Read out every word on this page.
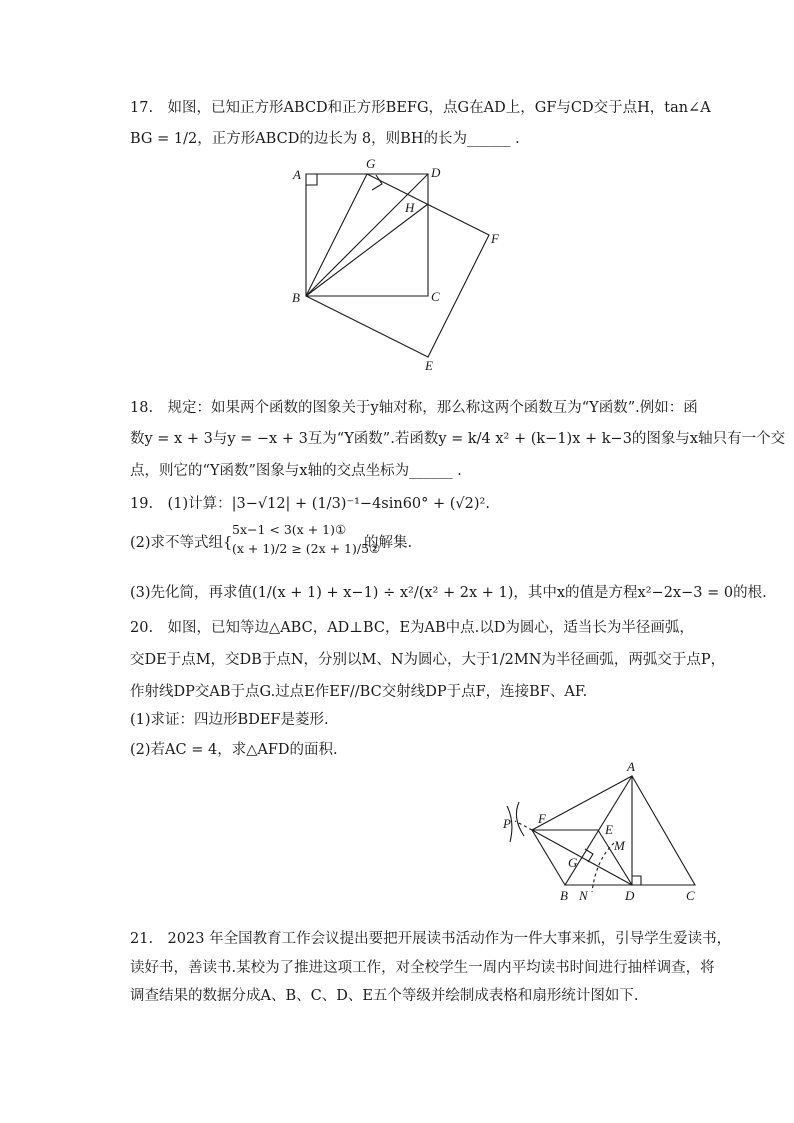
17.　如图，已知正方形ABCD和正方形BEFG，点G在AD上，GF与CD交于点H，tan∠A
BG = 1/2，正方形ABCD的边长为 8，则BH的长为______ .
A
B	C
D
E
F
G
H
18.　规定：如果两个函数的图象关于y轴对称，那么称这两个函数互为“Y函数”.例如：函
数y = x + 3与y = −x + 3互为“Y函数”.若函数y = k/4 x² + (k−1)x + k−3的图象与x轴只有一个交
点，则它的“Y函数”图象与x轴的交点坐标为______ .
19.　(1)计算：|3−√12| + (1/3)⁻¹−4sin60° + (√2)².
(2)求不等式组{
5x−1 < 3(x + 1)①
(x + 1)/2 ≥ (2x + 1)/5②
的解集.
(3)先化简，再求值(1/(x + 1) + x−1) ÷ x²/(x² + 2x + 1)，其中x的值是方程x²−2x−3 = 0的根.
20.　如图，已知等边△ABC，AD⊥BC，E为AB中点.以D为圆心，适当长为半径画弧，
交DE于点M，交DB于点N，分别以M、N为圆心，大于1/2MN为半径画弧，两弧交于点P，
作射线DP交AB于点G.过点E作EF//BC交射线DP于点F，连接BF、AF.
(1)求证：四边形BDEF是菱形.
(2)若AC = 4，求△AFD的面积.
A
B	C
D
E
F
G
M
N
P
21.　2023 年全国教育工作会议提出要把开展读书活动作为一件大事来抓，引导学生爱读书，
读好书，善读书.某校为了推进这项工作，对全校学生一周内平均读书时间进行抽样调查，将
调查结果的数据分成A、B、C、D、E五个等级并绘制成表格和扇形统计图如下.
